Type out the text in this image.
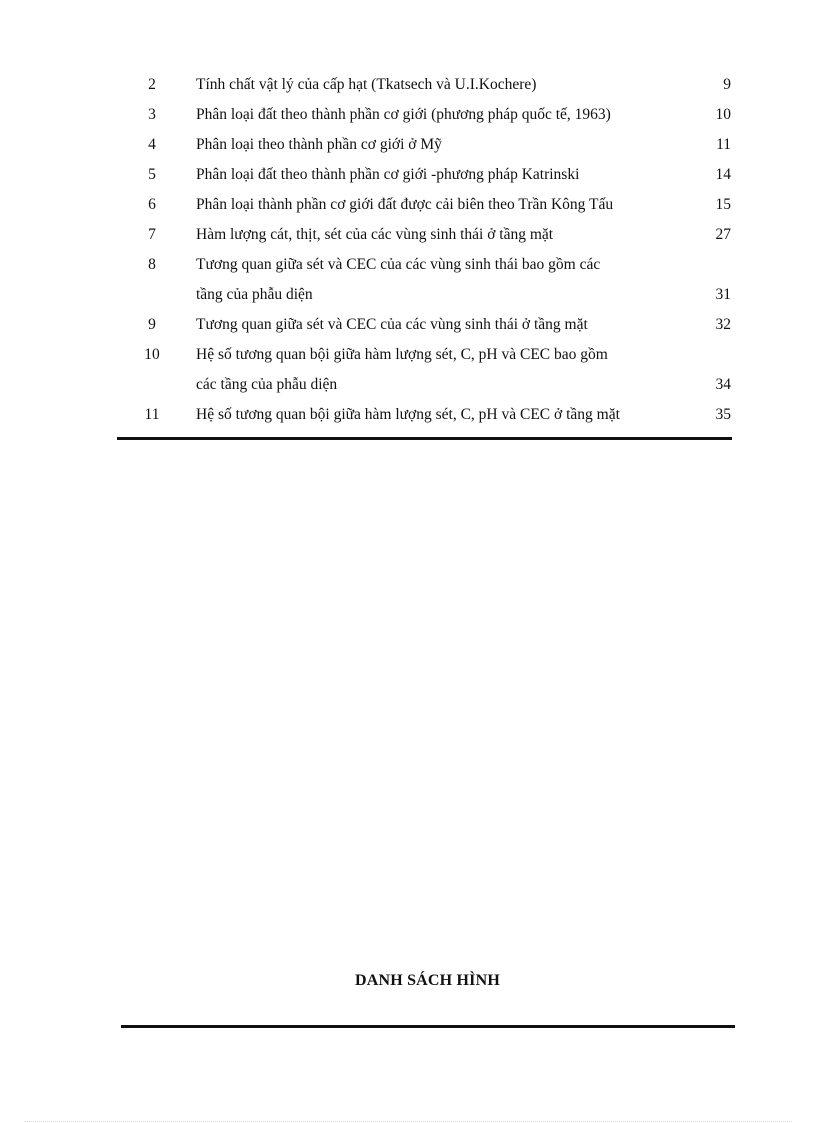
2	Tính chất vật lý của cấp hạt (Tkatsech và U.I.Kochere)	9
3	Phân loại đất theo thành phần cơ giới (phương pháp quốc tế, 1963)	10
4	Phân loại theo thành phần cơ giới ở Mỹ	11
5	Phân loại đất theo thành phần cơ giới -phương pháp Katrinski	14
6	Phân loại thành phần cơ giới đất được cải biên theo Trần Kông Tấu	15
7	Hàm lượng cát, thịt, sét của các vùng sinh thái ở tầng mặt	27
8	Tương quan giữa sét và CEC của các vùng sinh thái bao gồm các
tầng của phẫu diện	31
9	Tương quan giữa sét và CEC của các vùng sinh thái ở tầng mặt	32
10	Hệ số tương quan bội giữa hàm lượng sét, C, pH và CEC bao gồm
các tầng của phẫu diện	34
11	Hệ số tương quan bội giữa hàm lượng sét, C, pH và CEC ở tầng mặt	35
DANH SÁCH HÌNH
